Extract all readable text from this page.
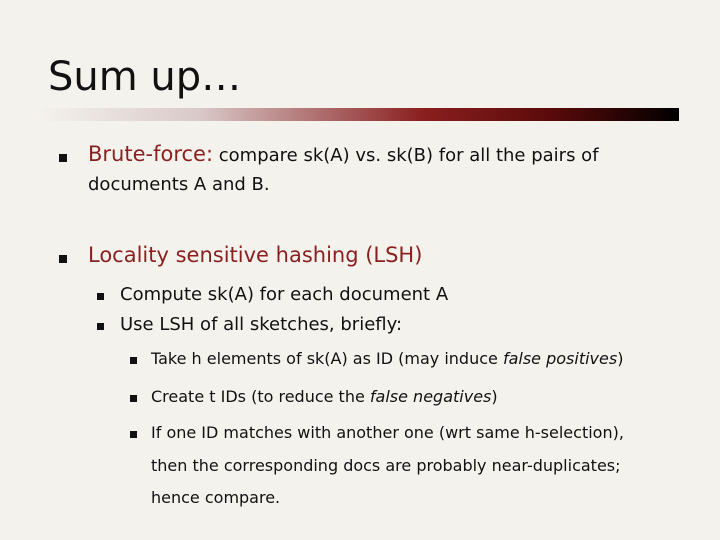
Sum up…
Brute-force: compare sk(A) vs. sk(B) for all the pairs of
documents A and B.
Locality sensitive hashing (LSH)
Compute sk(A) for each document A
Use LSH of all sketches, briefly:
Take h elements of sk(A) as ID (may induce false positives)
Create t IDs (to reduce the false negatives)
If one ID matches with another one (wrt same h-selection),
then the corresponding docs are probably near-duplicates;
hence compare.
